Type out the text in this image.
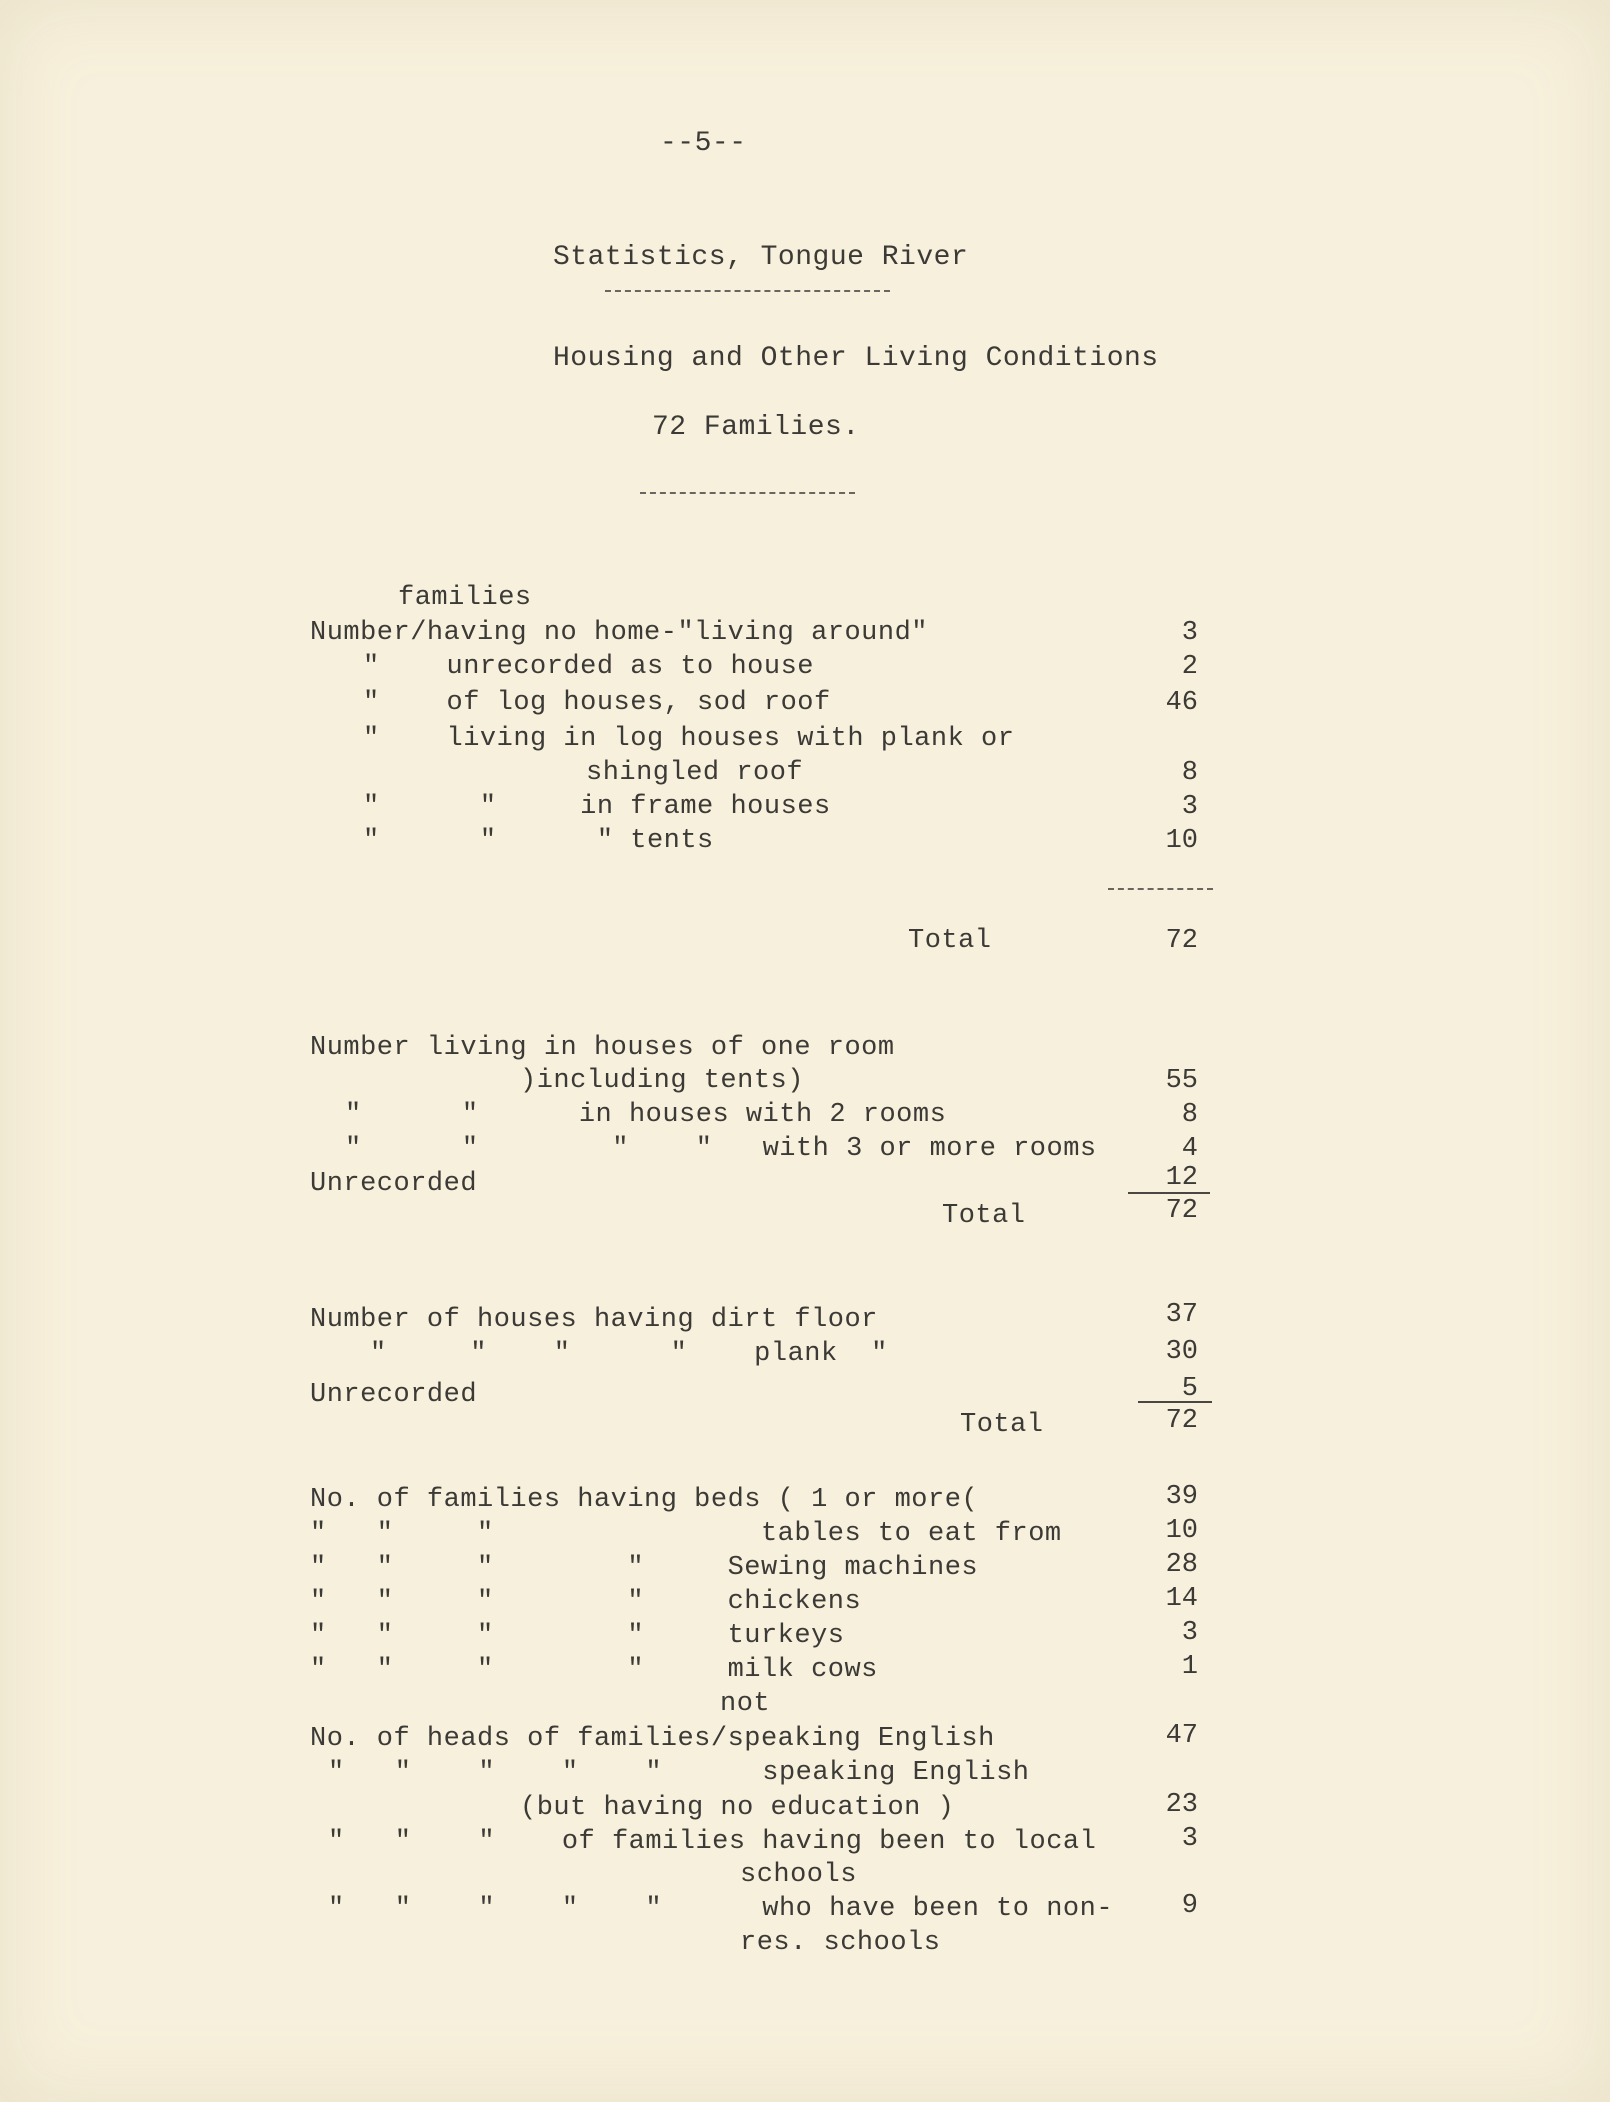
--5--
Statistics, Tongue River
Housing and Other Living Conditions
72 Families.
families
Number/having no home-"living around"	3
"    unrecorded as to house	2
"    of log houses, sod roof	46
"    living in log houses with plank or
shingled roof	8
"      "     in frame houses	3
"      "      " tents	10
Total	72
Number living in houses of one room
)including tents)	55
"      "      in houses with 2 rooms	8
"      "        "    "   with 3 or more rooms	4
Unrecorded	12
Total	72
Number of houses having dirt floor	37
"     "    "      "    plank  "	30
Unrecorded	5
Total	72
No. of families having beds ( 1 or more(	39
"   "     "                tables to eat from	10
"   "     "        "     Sewing machines	28
"   "     "        "     chickens	14
"   "     "        "     turkeys	3
"   "     "        "     milk cows	1
not
No. of heads of families/speaking English	47
"   "    "    "    "      speaking English
(but having no education )	23
"   "    "    of families having been to local	3
schools
"   "    "    "    "      who have been to non-	9
res. schools
